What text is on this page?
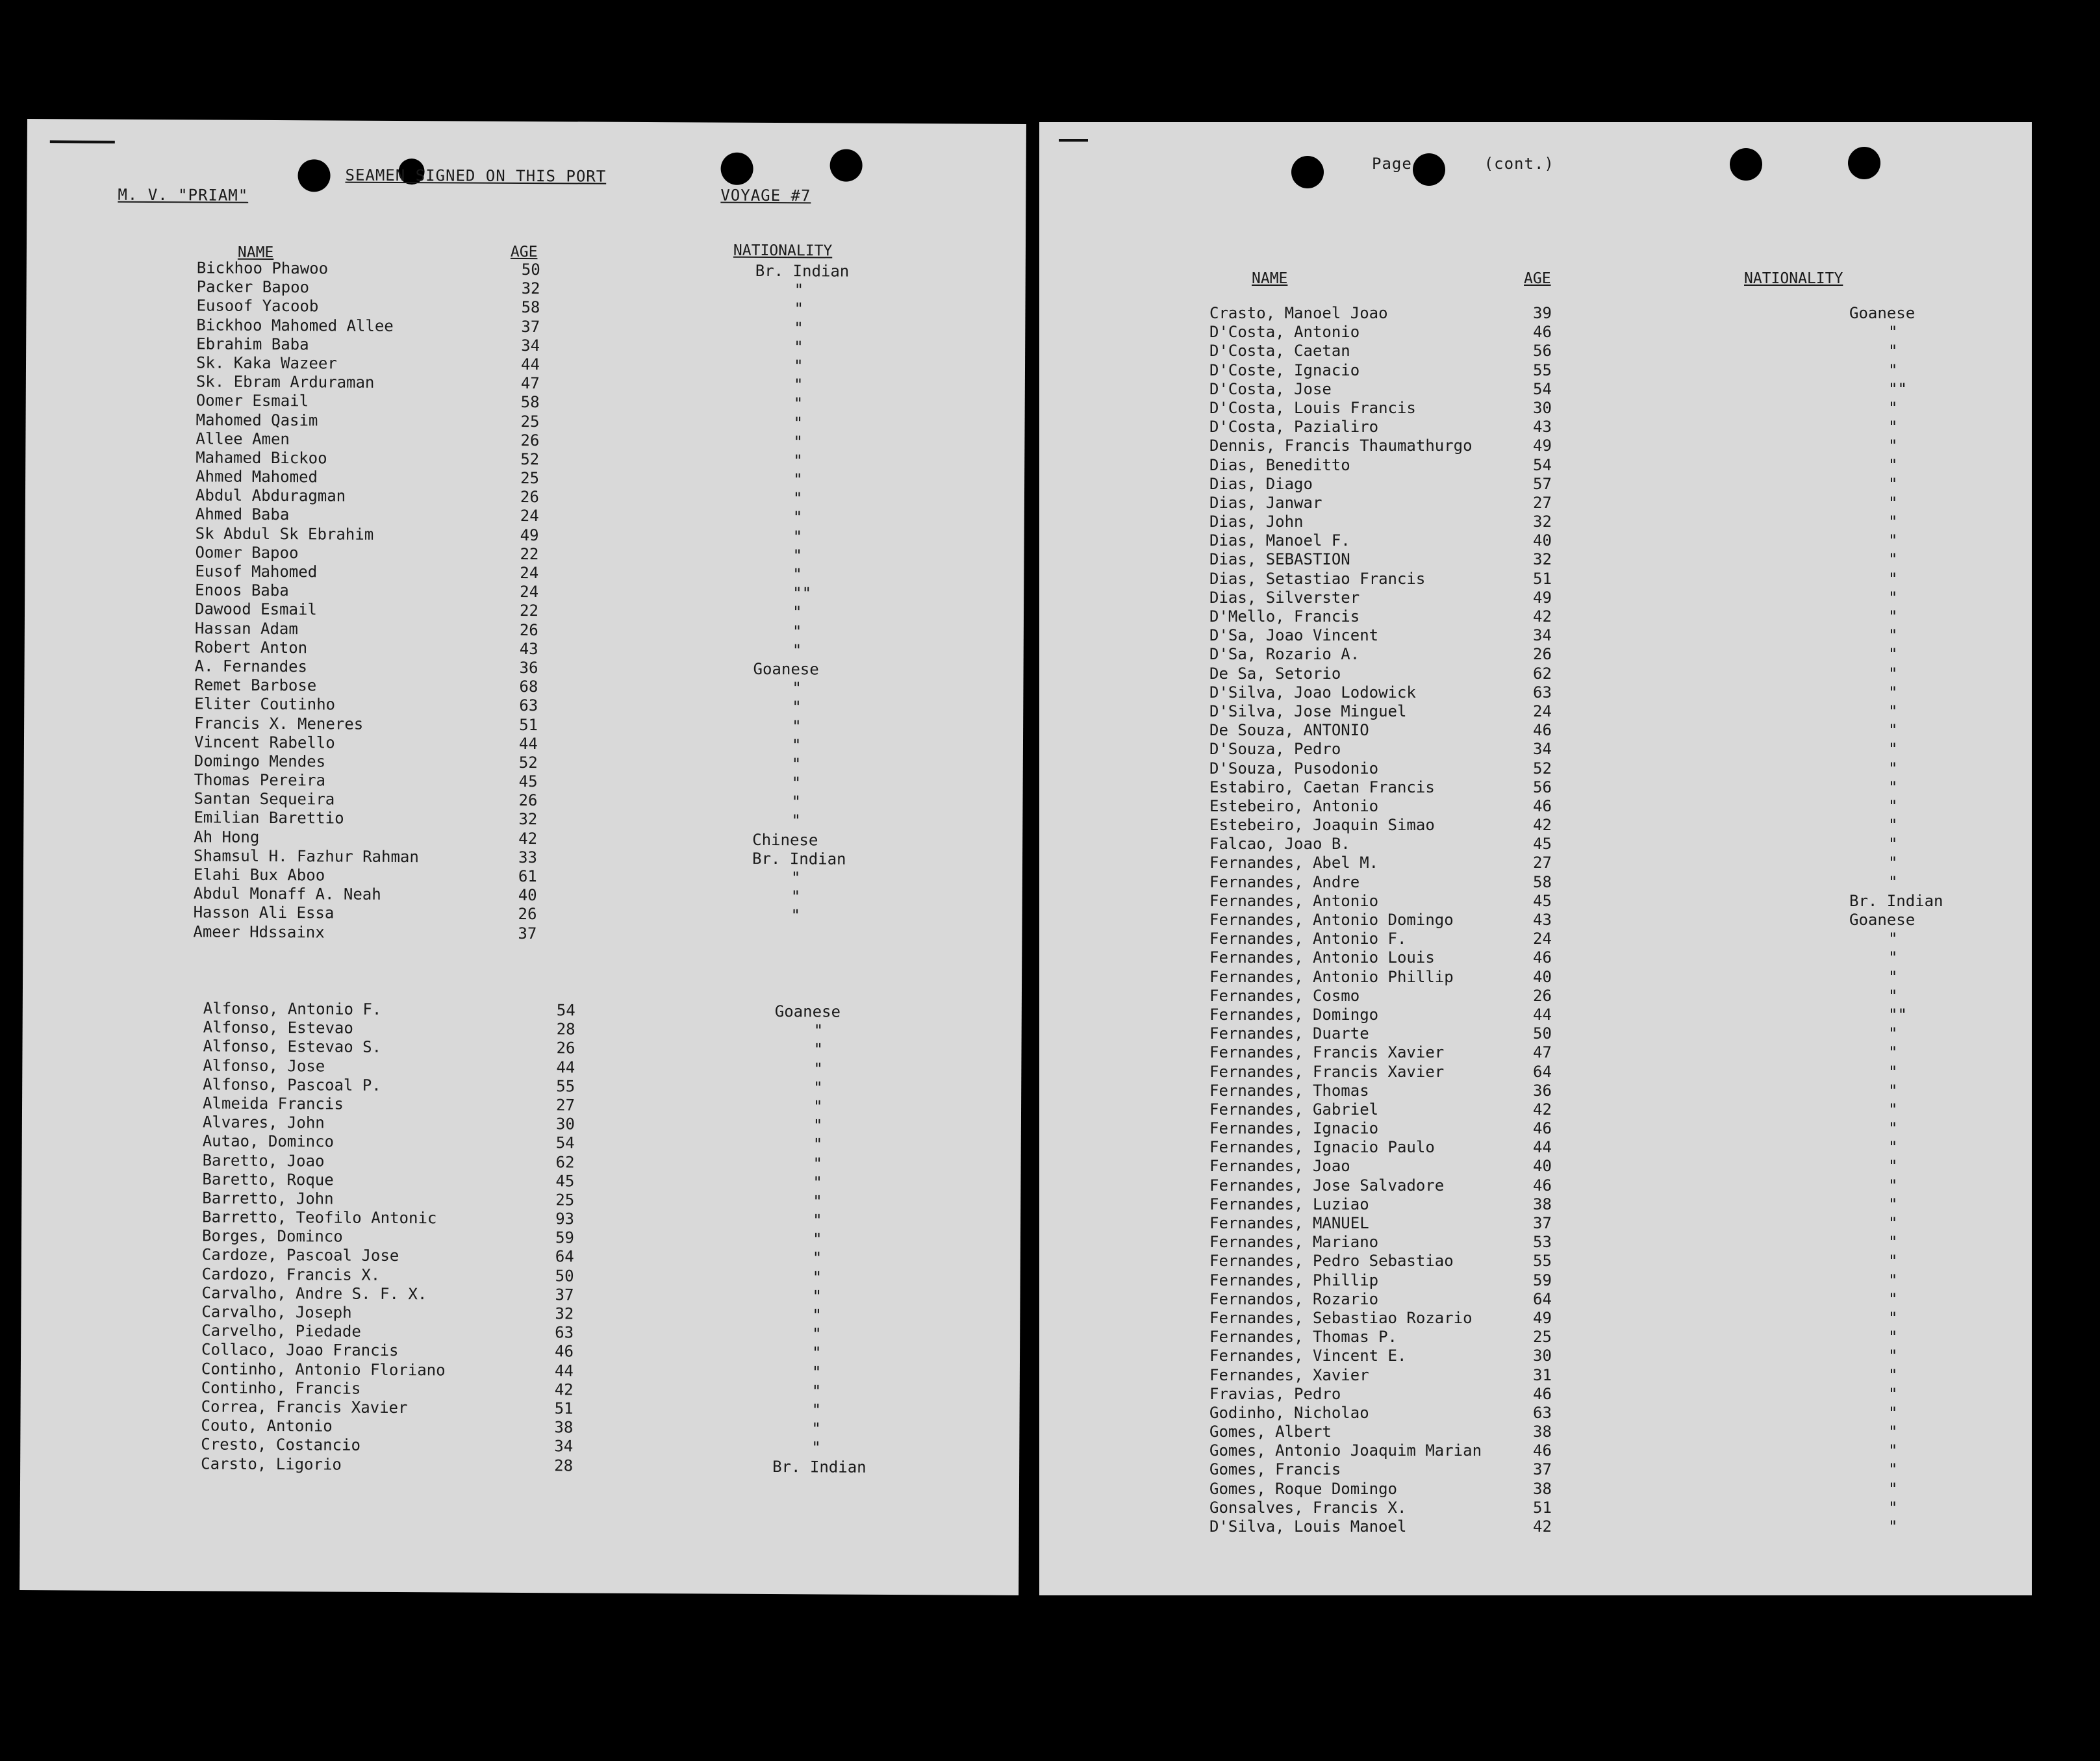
M. V. "PRIAM"
SEAMEN SIGNED ON THIS PORT
VOYAGE #7
NAME	AGE	NATIONALITY
Bickhoo Phawoo	50	Br. Indian
Packer Bapoo	32	"
Eusoof Yacoob	58	"
Bickhoo Mahomed Allee	37	"
Ebrahim Baba	34	"
Sk. Kaka Wazeer	44	"
Sk. Ebram Arduraman	47	"
Oomer Esmail	58	"
Mahomed Qasim	25	"
Allee Amen	26	"
Mahamed Bickoo	52	"
Ahmed Mahomed	25	"
Abdul Abduragman	26	"
Ahmed Baba	24	"
Sk Abdul Sk Ebrahim	49	"
Oomer Bapoo	22	"
Eusof Mahomed	24	"
Enoos Baba	24	""
Dawood Esmail	22	"
Hassan Adam	26	"
Robert Anton	43	"
A. Fernandes	36	Goanese
Remet Barbose	68	"
Eliter Coutinho	63	"
Francis X. Meneres	51	"
Vincent Rabello	44	"
Domingo Mendes	52	"
Thomas Pereira	45	"
Santan Sequeira	26	"
Emilian Barettio	32	"
Ah Hong	42	Chinese
Shamsul H. Fazhur Rahman	33	Br. Indian
Elahi Bux Aboo	61	"
Abdul Monaff A. Neah	40	"
Hasson Ali Essa	26	"
Ameer Hdssainx	37
Alfonso, Antonio F.	54	Goanese
Alfonso, Estevao	28	"
Alfonso, Estevao S.	26	"
Alfonso, Jose	44	"
Alfonso, Pascoal P.	55	"
Almeida Francis	27	"
Alvares, John	30	"
Autao, Dominco	54	"
Baretto, Joao	62	"
Baretto, Roque	45	"
Barretto, John	25	"
Barretto, Teofilo Antonic	93	"
Borges, Dominco	59	"
Cardoze, Pascoal Jose	64	"
Cardozo, Francis X.	50	"
Carvalho, Andre S. F. X.	37	"
Carvalho, Joseph	32	"
Carvelho, Piedade	63	"
Collaco, Joao Francis	46	"
Continho, Antonio Floriano	44	"
Continho, Francis	42	"
Correa, Francis Xavier	51	"
Couto, Antonio	38	"
Cresto, Costancio	34	"
Carsto, Ligorio	28	Br. Indian
Page	(cont.)
NAME	AGE	NATIONALITY
Crasto, Manoel Joao	39	Goanese
D'Costa, Antonio	46	"
D'Costa, Caetan	56	"
D'Coste, Ignacio	55	"
D'Costa, Jose	54	""
D'Costa, Louis Francis	30	"
D'Costa, Pazialiro	43	"
Dennis, Francis Thaumathurgo	49	"
Dias, Beneditto	54	"
Dias, Diago	57	"
Dias, Janwar	27	"
Dias, John	32	"
Dias, Manoel F.	40	"
Dias, SEBASTION	32	"
Dias, Setastiao Francis	51	"
Dias, Silverster	49	"
D'Mello, Francis	42	"
D'Sa, Joao Vincent	34	"
D'Sa, Rozario A.	26	"
De Sa, Setorio	62	"
D'Silva, Joao Lodowick	63	"
D'Silva, Jose Minguel	24	"
De Souza, ANTONIO	46	"
D'Souza, Pedro	34	"
D'Souza, Pusodonio	52	"
Estabiro, Caetan Francis	56	"
Estebeiro, Antonio	46	"
Estebeiro, Joaquin Simao	42	"
Falcao, Joao B.	45	"
Fernandes, Abel M.	27	"
Fernandes, Andre	58	"
Fernandes, Antonio	45	Br. Indian
Fernandes, Antonio Domingo	43	Goanese
Fernandes, Antonio F.	24	"
Fernandes, Antonio Louis	46	"
Fernandes, Antonio Phillip	40	"
Fernandes, Cosmo	26	"
Fernandes, Domingo	44	""
Fernandes, Duarte	50	"
Fernandes, Francis Xavier	47	"
Fernandes, Francis Xavier	64	"
Fernandes, Thomas	36	"
Fernandes, Gabriel	42	"
Fernandes, Ignacio	46	"
Fernandes, Ignacio Paulo	44	"
Fernandes, Joao	40	"
Fernandes, Jose Salvadore	46	"
Fernandes, Luziao	38	"
Fernandes, MANUEL	37	"
Fernandes, Mariano	53	"
Fernandes, Pedro Sebastiao	55	"
Fernandes, Phillip	59	"
Fernandos, Rozario	64	"
Fernandes, Sebastiao Rozario	49	"
Fernandes, Thomas P.	25	"
Fernandes, Vincent E.	30	"
Fernandes, Xavier	31	"
Fravias, Pedro	46	"
Godinho, Nicholao	63	"
Gomes, Albert	38	"
Gomes, Antonio Joaquim Marian	46	"
Gomes, Francis	37	"
Gomes, Roque Domingo	38	"
Gonsalves, Francis X.	51	"
D'Silva, Louis Manoel	42	"
